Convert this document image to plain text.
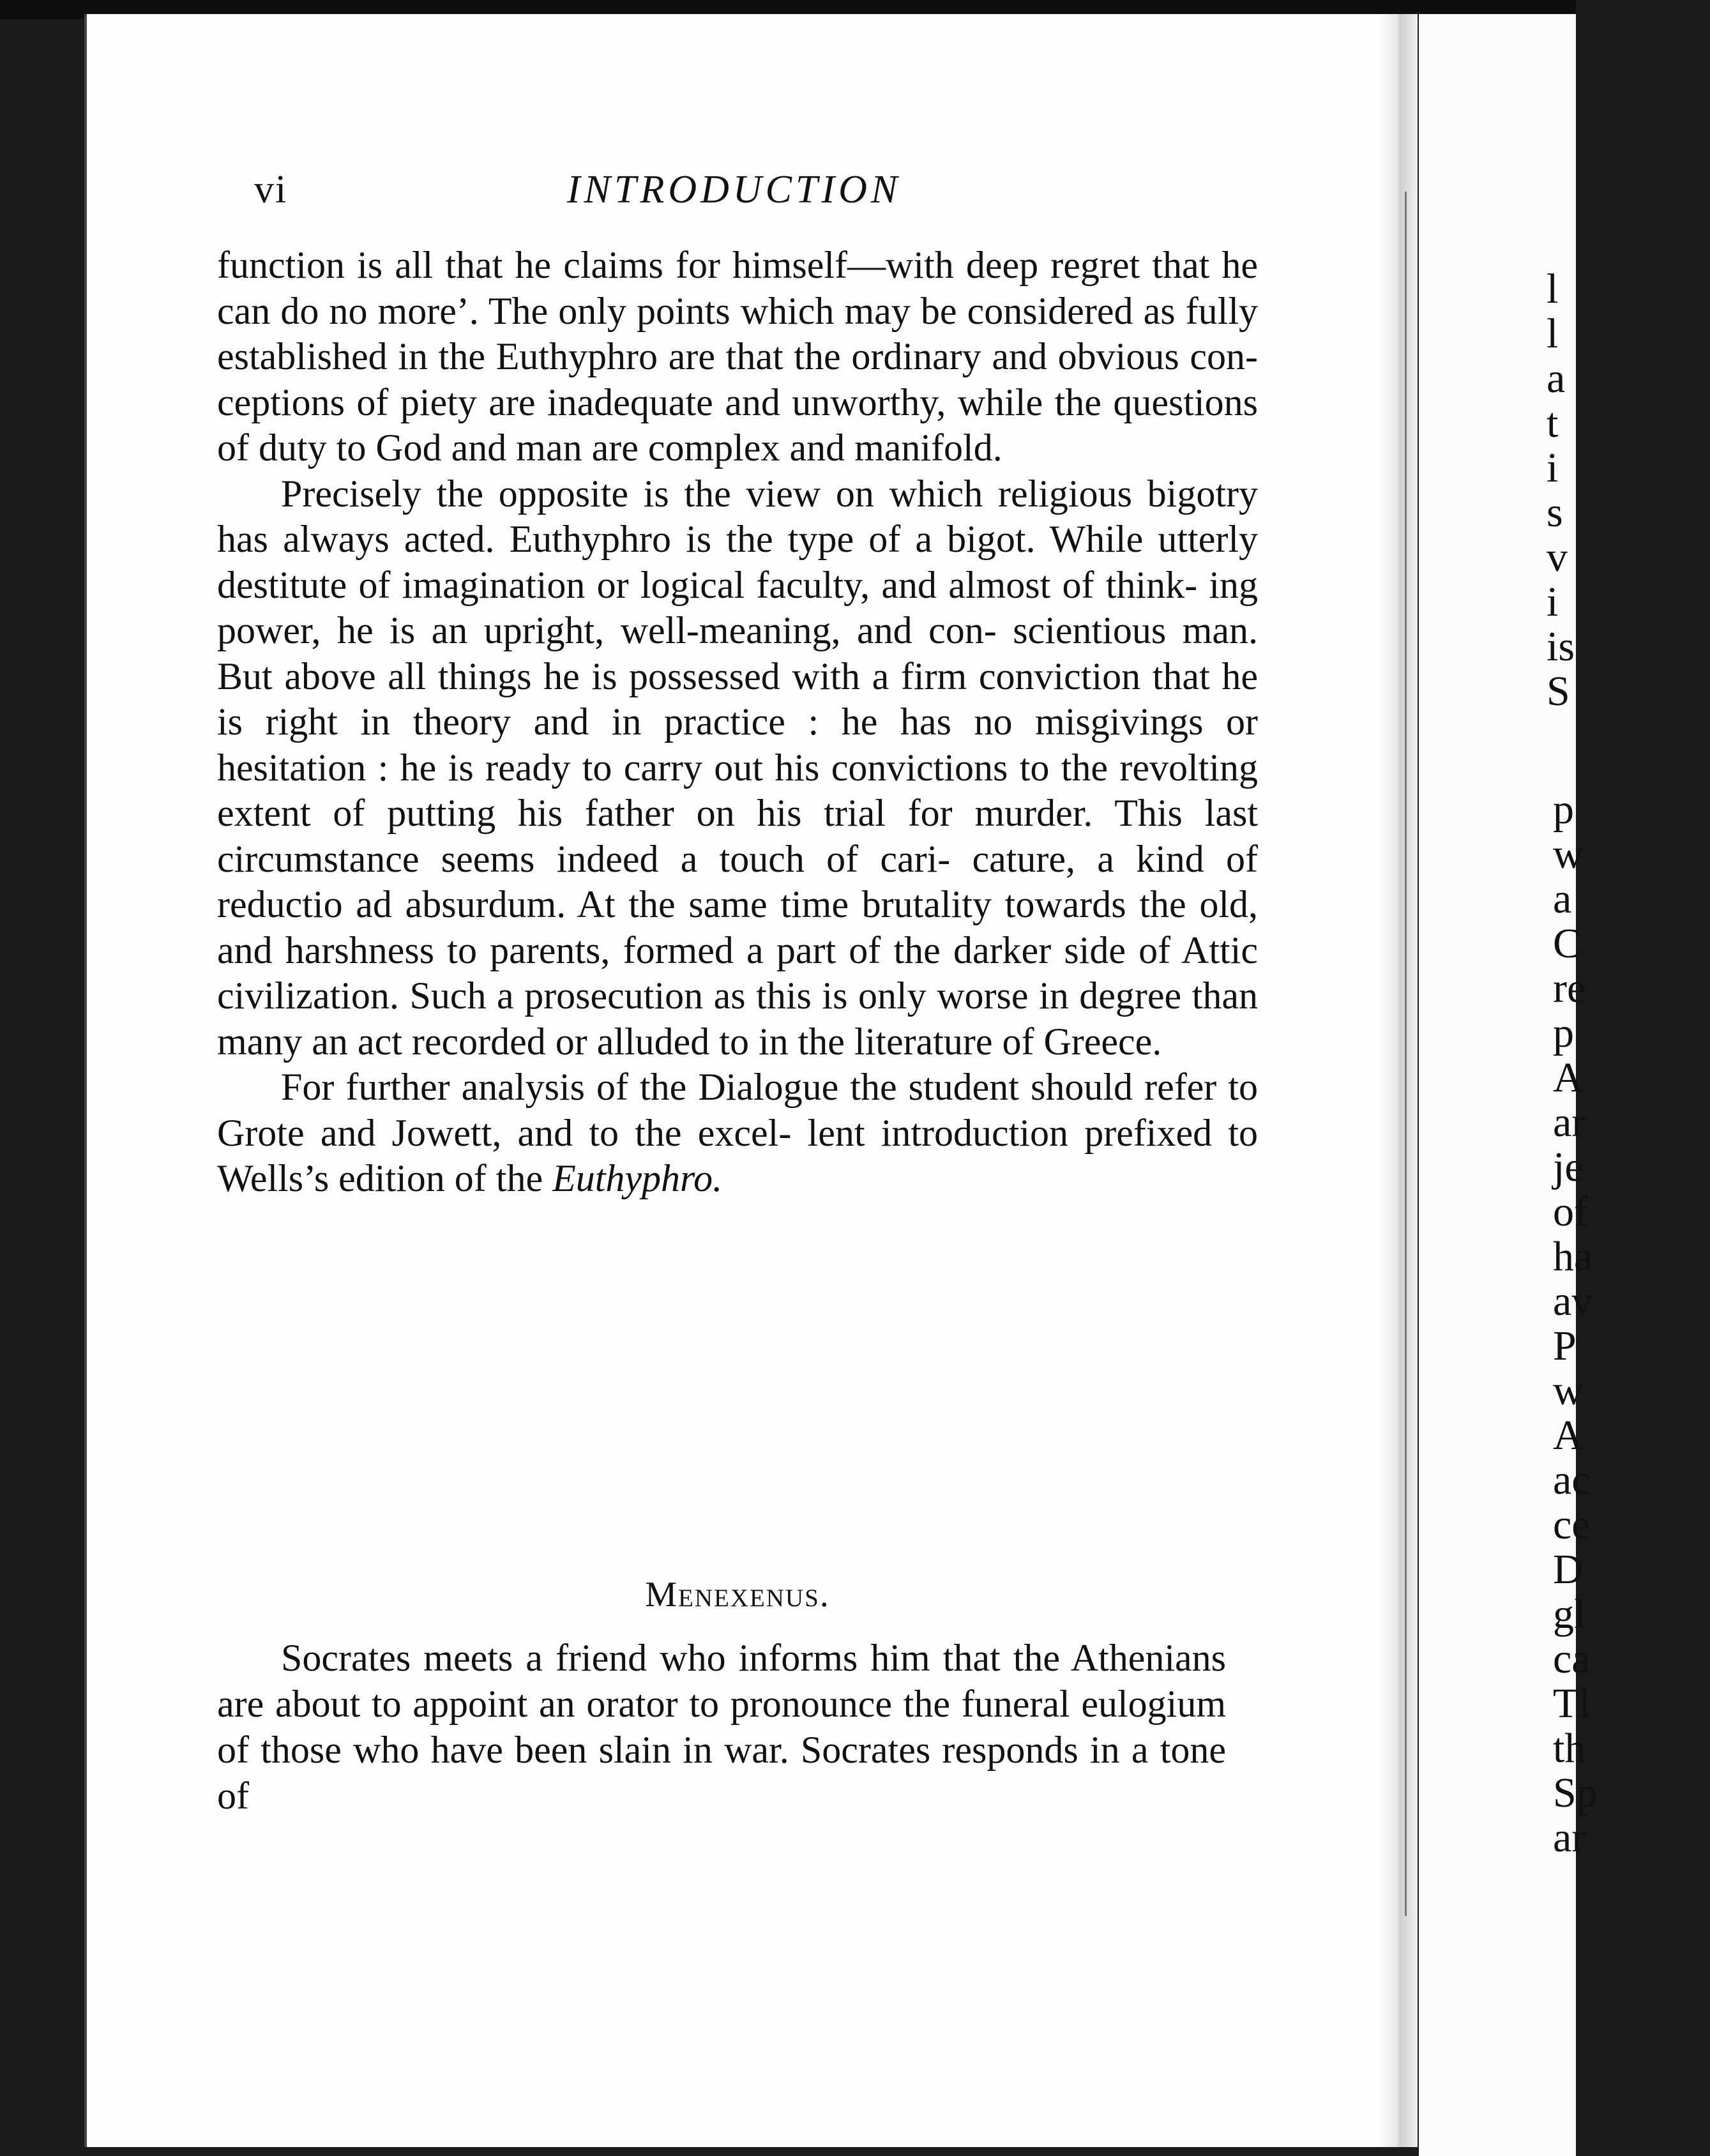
l
l
a
t
i
s
v
i
is
S
p
w
a
C
re
p
A
ar
je
of
ha
av
P
w
A
ac
ce
D
gl
ca
Tl
th
Sp
ar
vi	INTRODUCTION

function is all that he claims for himself—with deep regret that he can do no more’. The only points which may be considered as fully established in the Euthyphro are that the ordinary and obvious con- ceptions of piety are inadequate and unworthy, while the questions of duty to God and man are complex and manifold.

Precisely the opposite is the view on which religious bigotry has always acted. Euthyphro is the type of a bigot. While utterly destitute of imagination or logical faculty, and almost of think- ing power, he is an upright, well-meaning, and con- scientious man. But above all things he is possessed with a firm conviction that he is right in theory and in practice : he has no misgivings or hesitation : he is ready to carry out his convictions to the revolting extent of putting his father on his trial for murder. This last circumstance seems indeed a touch of cari- cature, a kind of reductio ad absurdum. At the same time brutality towards the old, and harshness to parents, formed a part of the darker side of Attic civilization. Such a prosecution as this is only worse in degree than many an act recorded or alluded to in the literature of Greece.

For further analysis of the Dialogue the student should refer to Grote and Jowett, and to the excel- lent introduction prefixed to Wells’s edition of the Euthyphro.

Menexenus.

Socrates meets a friend who informs him that the Athenians are about to appoint an orator to pronounce the funeral eulogium of those who have been slain in war. Socrates responds in a tone of
